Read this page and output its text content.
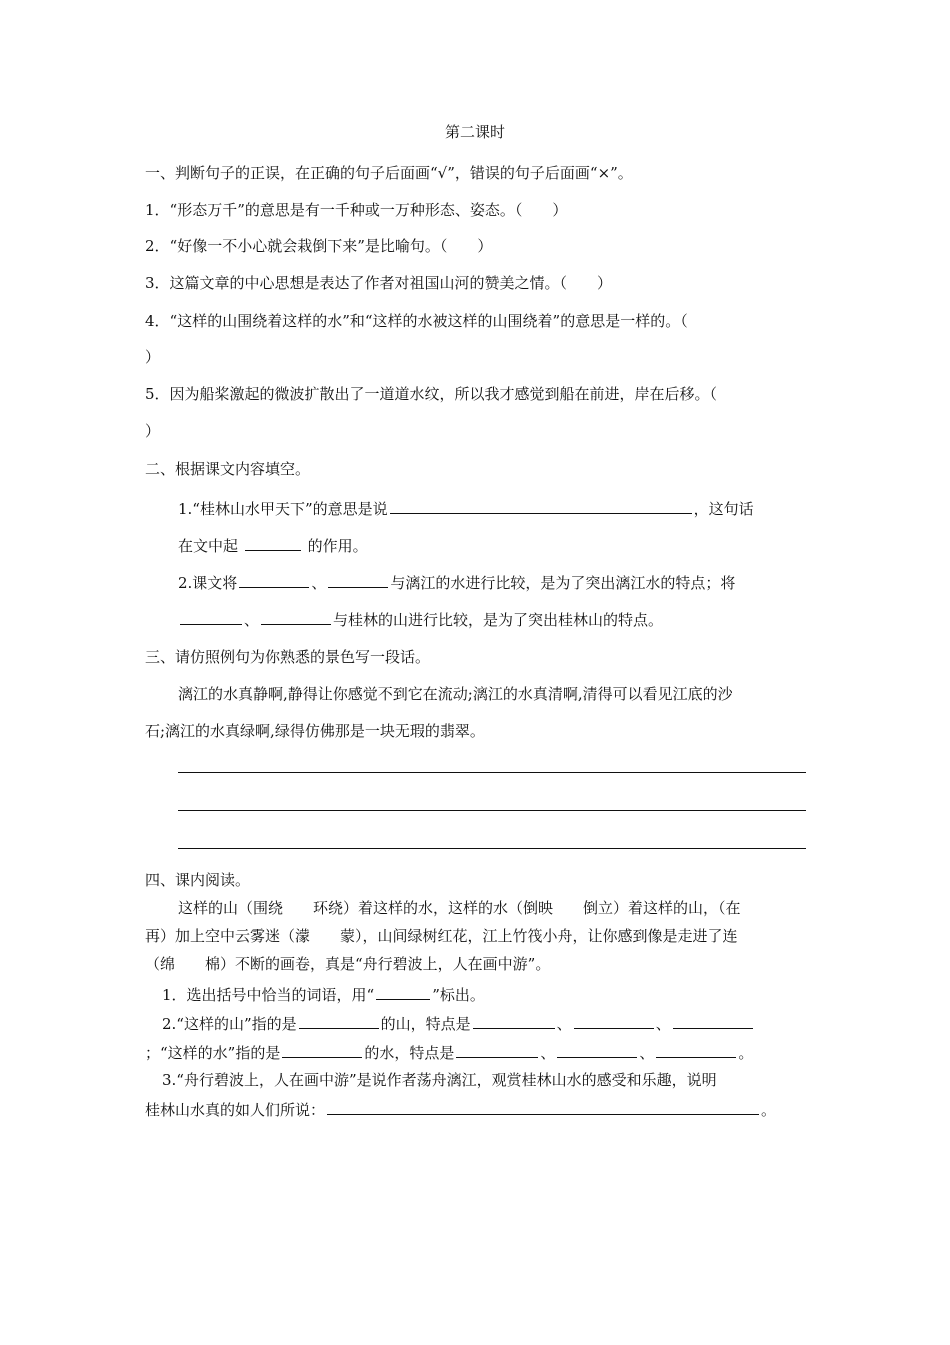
第二课时
一、判断句子的正误，在正确的句子后面画“√”，错误的句子后面画“×”。
1．“形态万千”的意思是有一千种或一万种形态、姿态。（　　）
2．“好像一不小心就会栽倒下来”是比喻句。（　　）
3．这篇文章的中心思想是表达了作者对祖国山河的赞美之情。（　　）
4．“这样的山围绕着这样的水”和“这样的水被这样的山围绕着”的意思是一样的。（
）
5．因为船桨激起的微波扩散出了一道道水纹，所以我才感觉到船在前进，岸在后移。（
）
二、根据课文内容填空。
1.“桂林山水甲天下”的意思是说	，这句话
在文中起	的作用。
2.课文将	、	与漓江的水进行比较，是为了突出漓江水的特点；将
、	与桂林的山进行比较，是为了突出桂林山的特点。
三、请仿照例句为你熟悉的景色写一段话。
漓江的水真静啊,静得让你感觉不到它在流动;漓江的水真清啊,清得可以看见江底的沙
石;漓江的水真绿啊,绿得仿佛那是一块无瑕的翡翠。
四、课内阅读。
这样的山（围绕　　环绕）着这样的水，这样的水（倒映　　倒立）着这样的山，（在
再）加上空中云雾迷（濛　　蒙），山间绿树红花，江上竹筏小舟，让你感到像是走进了连
（绵　　棉）不断的画卷，真是“舟行碧波上，人在画中游”。
1．选出括号中恰当的词语，用“	”标出。
2.“这样的山”指的是	的山，特点是	、	、
；“这样的水”指的是	的水，特点是	、	、	。
3.“舟行碧波上，人在画中游”是说作者荡舟漓江，观赏桂林山水的感受和乐趣，说明
桂林山水真的如人们所说：	。
